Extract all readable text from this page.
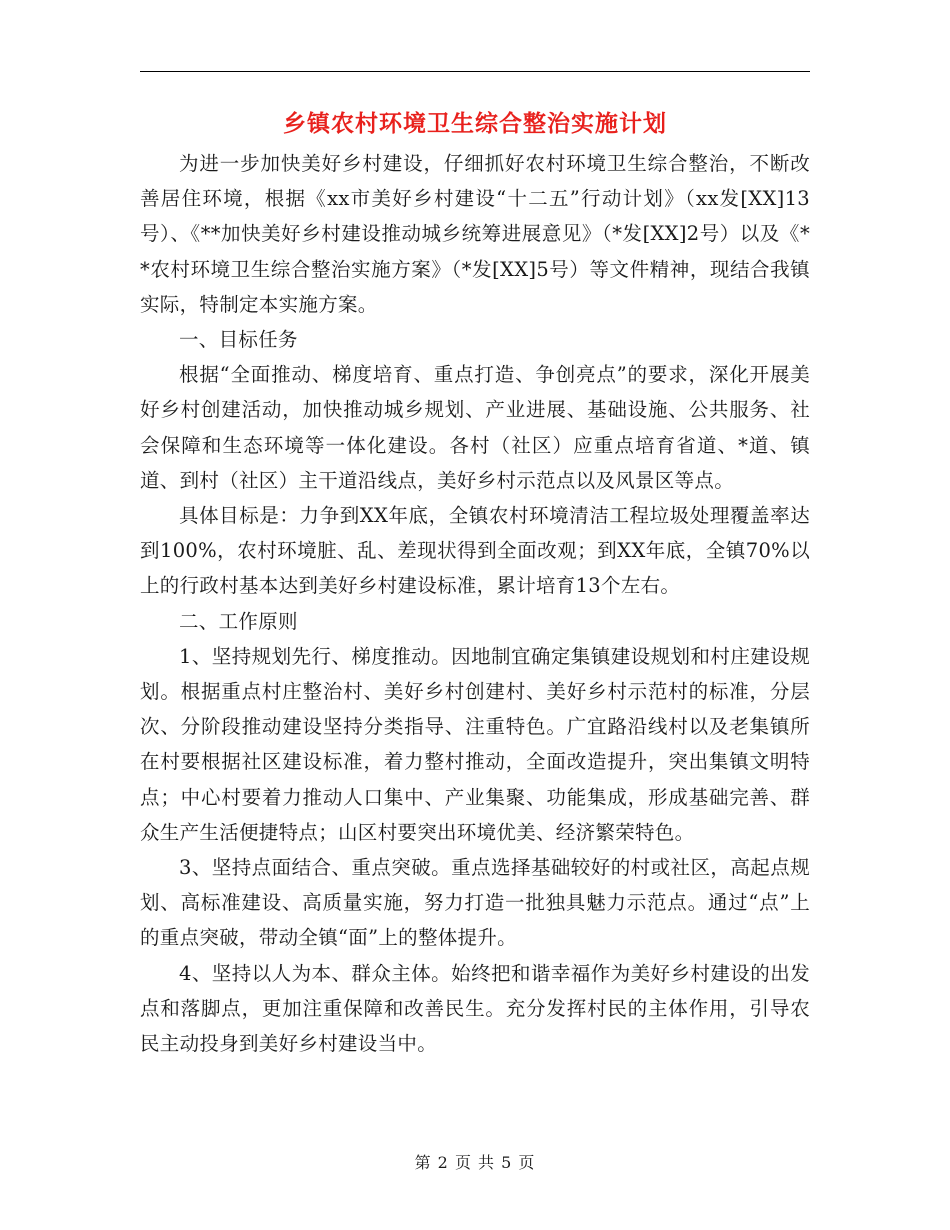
乡镇农村环境卫生综合整治实施计划

为进一步加快美好乡村建设，仔细抓好农村环境卫生综合整治，不断改善居住环境，根据《xx市美好乡村建设“十二五”行动计划》（xx发[XX]13号）、《**加快美好乡村建设推动城乡统筹进展意见》（*发[XX]2号）以及《**农村环境卫生综合整治实施方案》（*发[XX]5号）等文件精神，现结合我镇实际，特制定本实施方案。

一、目标任务

根据“全面推动、梯度培育、重点打造、争创亮点”的要求，深化开展美好乡村创建活动，加快推动城乡规划、产业进展、基础设施、公共服务、社会保障和生态环境等一体化建设。各村（社区）应重点培育省道、*道、镇道、到村（社区）主干道沿线点，美好乡村示范点以及风景区等点。

具体目标是：力争到XX年底，全镇农村环境清洁工程垃圾处理覆盖率达到100%，农村环境脏、乱、差现状得到全面改观；到XX年底，全镇70%以上的行政村基本达到美好乡村建设标准，累计培育13个左右。

二、工作原则

1、坚持规划先行、梯度推动。因地制宜确定集镇建设规划和村庄建设规划。根据重点村庄整治村、美好乡村创建村、美好乡村示范村的标准，分层次、分阶段推动建设坚持分类指导、注重特色。广宜路沿线村以及老集镇所在村要根据社区建设标准，着力整村推动，全面改造提升，突出集镇文明特点；中心村要着力推动人口集中、产业集聚、功能集成，形成基础完善、群众生产生活便捷特点；山区村要突出环境优美、经济繁荣特色。

3、坚持点面结合、重点突破。重点选择基础较好的村或社区，高起点规划、高标准建设、高质量实施，努力打造一批独具魅力示范点。通过“点”上的重点突破，带动全镇“面”上的整体提升。

4、坚持以人为本、群众主体。始终把和谐幸福作为美好乡村建设的出发点和落脚点，更加注重保障和改善民生。充分发挥村民的主体作用，引导农民主动投身到美好乡村建设当中。

第 2 页 共 5 页
